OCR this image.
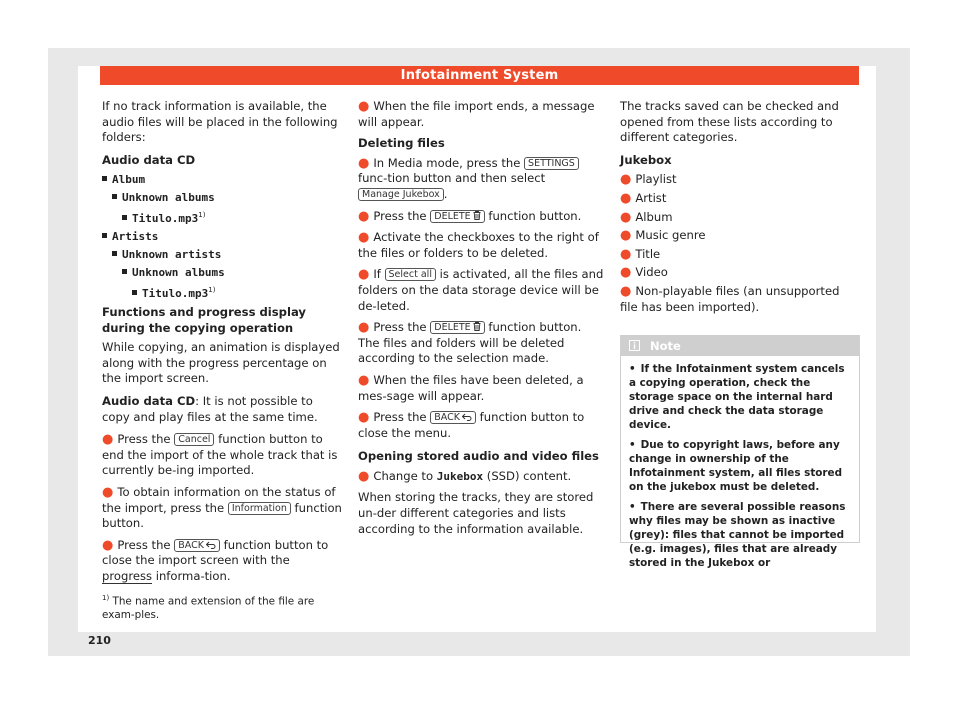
Infotainment System

If no track information is available, the audio files will be placed in the following folders:

Audio data CD

Album
Unknown albums
Titulo.mp3$^{1)}$
Artists
Unknown artists
Unknown albums
Titulo.mp3$^{1)}$

Functions and progress display during the copying operation

While copying, an animation is displayed along with the progress percentage on the import screen.

Audio data CD: It is not possible to copy and play files at the same time.

● Press the Cancel function button to end the import of the whole track that is currently be-ing imported.

● To obtain information on the status of the import, press the Information function button.

● Press the BACK function button to close the import screen with the progress informa-tion.

● When the file import ends, a message will appear.

Deleting files

● In Media mode, press the SETTINGS func-tion button and then select Manage Jukebox .

● Press the DELETE function button.

● Activate the checkboxes to the right of the files or folders to be deleted.

● If Select all is activated, all the files and folders on the data storage device will be de-leted.

● Press the DELETE function button. The files and folders will be deleted according to the selection made.

● When the files have been deleted, a mes-sage will appear.

● Press the BACK function button to close the menu.

Opening stored audio and video files

● Change to Jukebox (SSD) content.

When storing the tracks, they are stored un-der different categories and lists according to the information available.

The tracks saved can be checked and opened from these lists according to different categories.

Jukebox

● Playlist
● Artist
● Album
● Music genre
● Title
● Video
● Non-playable files (an unsupported file has been imported).
Note

• If the Infotainment system cancels a copying operation, check the storage space on the internal hard drive and check the data storage device.

• Due to copyright laws, before any change in ownership of the Infotainment system, all files stored on the jukebox must be deleted.

• There are several possible reasons why files may be shown as inactive (grey): files that cannot be imported (e.g. images), files that are already stored in the Jukebox or

$^{1)}$ The name and extension of the file are exam-ples.
210
